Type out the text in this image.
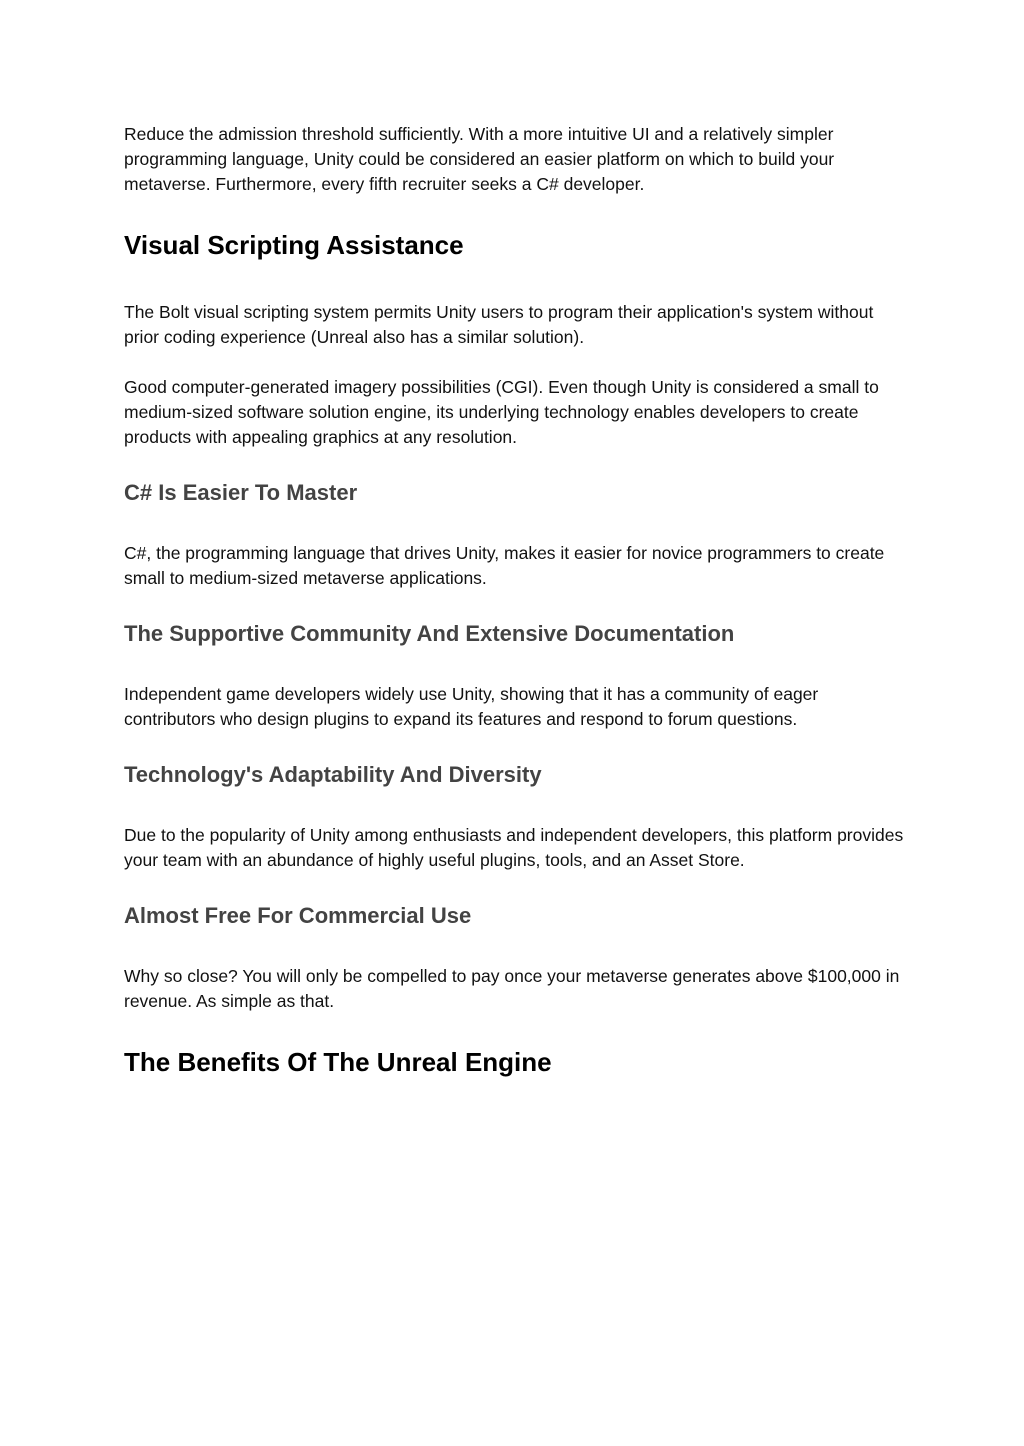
Reduce the admission threshold sufficiently. With a more intuitive UI and a relatively simpler programming language, Unity could be considered an easier platform on which to build your metaverse. Furthermore, every fifth recruiter seeks a C# developer.

Visual Scripting Assistance

The Bolt visual scripting system permits Unity users to program their application's system without prior coding experience (Unreal also has a similar solution).

Good computer-generated imagery possibilities (CGI). Even though Unity is considered a small to medium-sized software solution engine, its underlying technology enables developers to create products with appealing graphics at any resolution.

C# Is Easier To Master

C#, the programming language that drives Unity, makes it easier for novice programmers to create small to medium-sized metaverse applications.

The Supportive Community And Extensive Documentation

Independent game developers widely use Unity, showing that it has a community of eager contributors who design plugins to expand its features and respond to forum questions.

Technology's Adaptability And Diversity

Due to the popularity of Unity among enthusiasts and independent developers, this platform provides your team with an abundance of highly useful plugins, tools, and an Asset Store.

Almost Free For Commercial Use

Why so close? You will only be compelled to pay once your metaverse generates above $100,000 in revenue. As simple as that.

The Benefits Of The Unreal Engine
